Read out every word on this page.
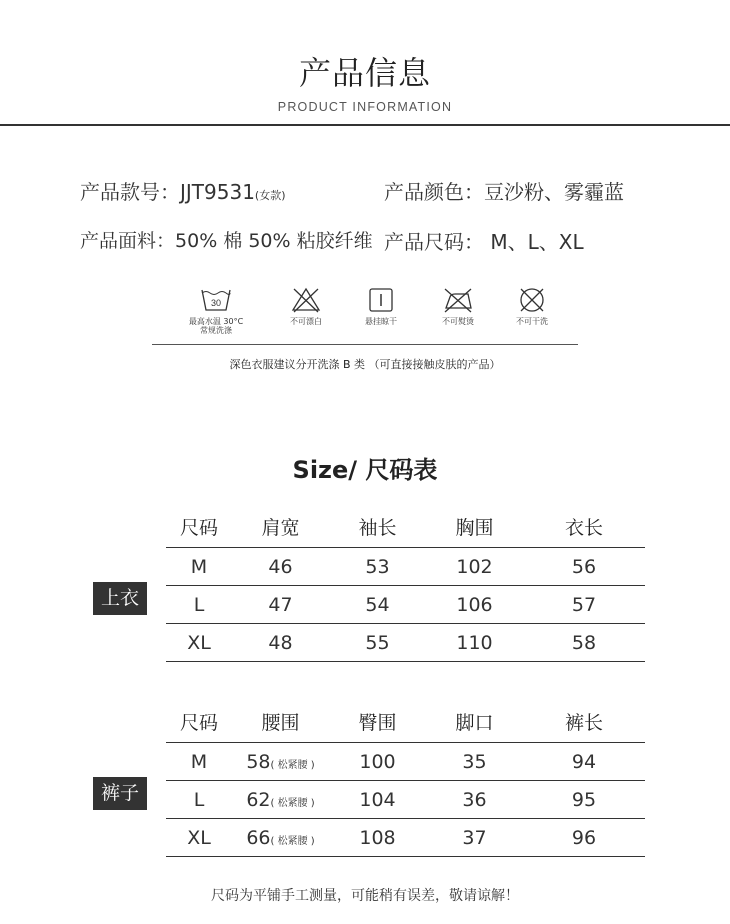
产品信息
PRODUCT INFORMATION
产品款号：JJT9531(女款)	产品颜色：豆沙粉、雾霾蓝
产品面料：50% 棉 50% 粘胶纤维 产品尺码： M、L、XL
30
最高水温 30°C
常规洗涤
不可漂白	悬挂晾干	不可熨烫	不可干洗
深色衣服建议分开洗涤 B 类 （可直接接触皮肤的产品）
Size/ 尺码表
上衣
尺码	肩宽	袖长	胸围	衣长
M	46	53	102	56
L	47	54	106	57
XL	48	55	110	58
裤子
尺码	腰围	臀围	脚口	裤长
M	58( 松紧腰 )	100	35	94
L	62( 松紧腰 )	104	36	95
XL	66( 松紧腰 )	108	37	96
尺码为平铺手工测量，可能稍有误差，敬请谅解！
